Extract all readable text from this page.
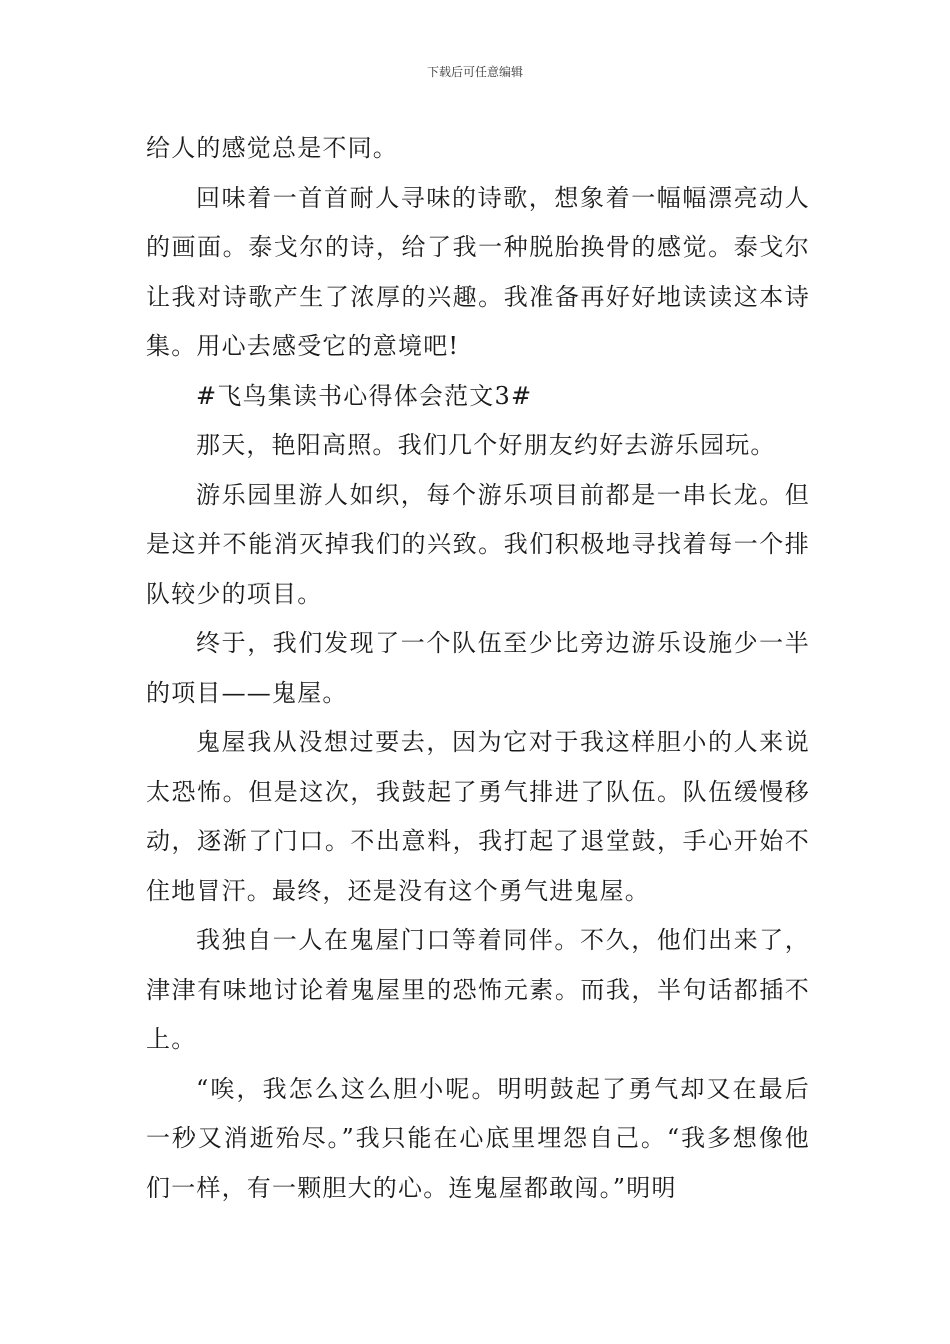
下载后可任意编辑

给人的感觉总是不同。

回味着一首首耐人寻味的诗歌，想象着一幅幅漂亮动人的画面。泰戈尔的诗，给了我一种脱胎换骨的感觉。泰戈尔让我对诗歌产生了浓厚的兴趣。我准备再好好地读读这本诗集。用心去感受它的意境吧!

#飞鸟集读书心得体会范文3#

那天，艳阳高照。我们几个好朋友约好去游乐园玩。

游乐园里游人如织，每个游乐项目前都是一串长龙。但是这并不能消灭掉我们的兴致。我们积极地寻找着每一个排队较少的项目。

终于，我们发现了一个队伍至少比旁边游乐设施少一半的项目——鬼屋。

鬼屋我从没想过要去，因为它对于我这样胆小的人来说太恐怖。但是这次，我鼓起了勇气排进了队伍。队伍缓慢移动，逐渐了门口。不出意料，我打起了退堂鼓，手心开始不住地冒汗。最终，还是没有这个勇气进鬼屋。

我独自一人在鬼屋门口等着同伴。不久，他们出来了，津津有味地讨论着鬼屋里的恐怖元素。而我，半句话都插不上。

“唉，我怎么这么胆小呢。明明鼓起了勇气却又在最后一秒又消逝殆尽。”我只能在心底里埋怨自己。“我多想像他们一样，有一颗胆大的心。连鬼屋都敢闯。”明明
